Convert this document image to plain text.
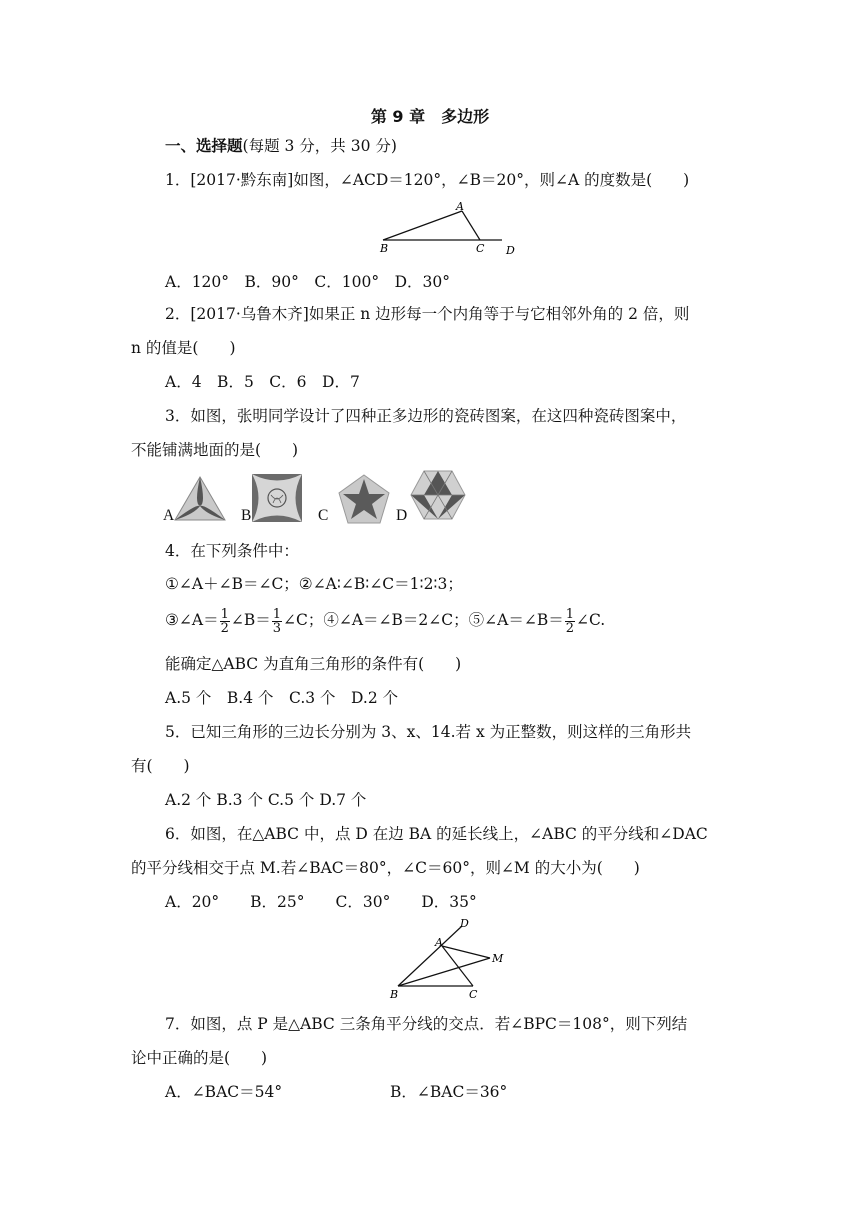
第 9 章　多边形
一、选择题(每题 3 分，共 30 分)
1．[2017·黔东南]如图，∠ACD＝120°，∠B＝20°，则∠A 的度数是(　　)
A
B	C D
A．120°　B．90°　C．100°　D．30°
2．[2017·乌鲁木齐]如果正 n 边形每一个内角等于与它相邻外角的 2 倍，则
n 的值是(　　)
A．4　B．5　C．6　D．7
3．如图，张明同学设计了四种正多边形的瓷砖图案，在这四种瓷砖图案中，
不能铺满地面的是(　　)
A	B	C	D
4．在下列条件中：
①∠A＋∠B＝∠C；②∠A∶∠B∶∠C＝1∶2∶3；
③∠A＝ $\frac{1}{2}$ ∠B＝ $\frac{1}{3}$ ∠C；④∠A＝∠B＝2∠C；⑤∠A＝∠B＝ $\frac{1}{2}$ ∠C.
能确定△ABC 为直角三角形的条件有(　　)
A.5 个　B.4 个　C.3 个　D.2 个
5．已知三角形的三边长分别为 3、x、14.若 x 为正整数，则这样的三角形共
有(　　)
A.2 个 B.3 个 C.5 个 D.7 个
6．如图，在△ABC 中，点 D 在边 BA 的延长线上，∠ABC 的平分线和∠DAC
的平分线相交于点 M.若∠BAC＝80°，∠C＝60°，则∠M 的大小为(　　)
A．20°　　B．25°　　C．30°　　D．35°
D
A
M
B	C
7．如图，点 P 是△ABC 三条角平分线的交点．若∠BPC＝108°，则下列结
论中正确的是(　　)
A．∠BAC＝54°	B．∠BAC＝36°
